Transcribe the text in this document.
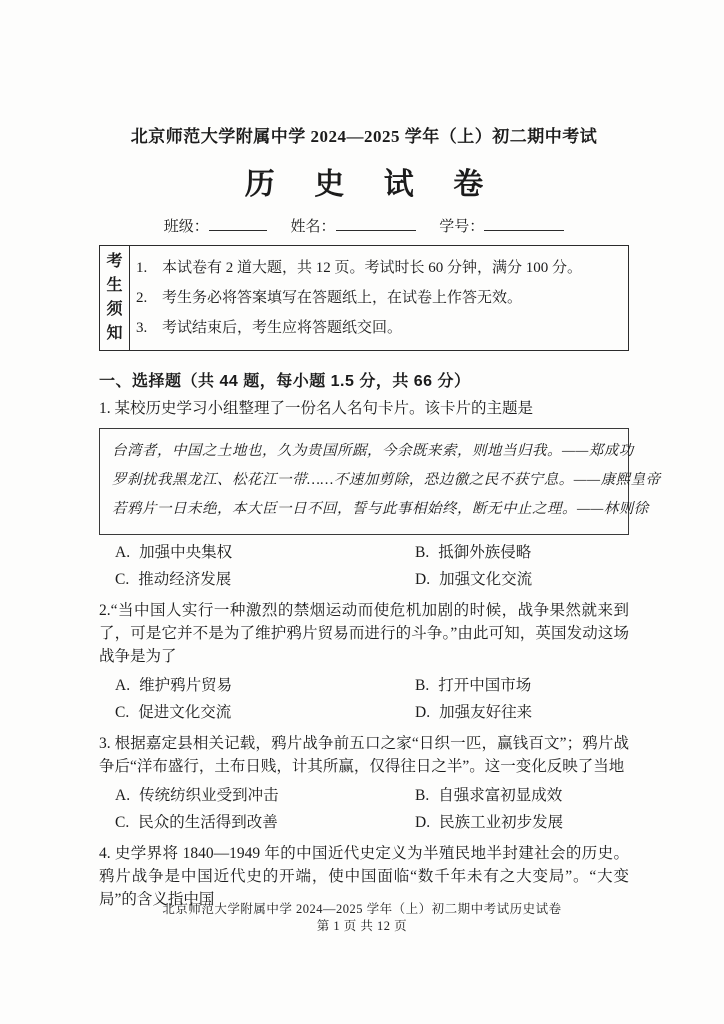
北京师范大学附属中学 2024—2025 学年（上）初二期中考试
历 史 试 卷
班级：	姓名：	学号：
考生须知
1. 本试卷有 2 道大题，共 12 页。考试时长 60 分钟，满分 100 分。
2. 考生务必将答案填写在答题纸上，在试卷上作答无效。
3. 考试结束后，考生应将答题纸交回。
一、选择题（共 44 题，每小题 1.5 分，共 66 分）
1. 某校历史学习小组整理了一份名人名句卡片。该卡片的主题是
台湾者，中国之土地也，久为贵国所踞，今余既来索，则地当归我。——郑成功
罗刹扰我黑龙江、松花江一带……不速加剪除，恐边徼之民不获宁息。——康熙皇帝
若鸦片一日未绝，本大臣一日不回，誓与此事相始终，断无中止之理。——林则徐
A. 加强中央集权	B. 抵御外族侵略
C. 推动经济发展	D. 加强文化交流
2.“当中国人实行一种激烈的禁烟运动而使危机加剧的时候，战争果然就来到了，可是它并不是为了维护鸦片贸易而进行的斗争。”由此可知，英国发动这场战争是为了
A. 维护鸦片贸易	B. 打开中国市场
C. 促进文化交流	D. 加强友好往来
3. 根据嘉定县相关记载，鸦片战争前五口之家“日织一匹，赢钱百文”；鸦片战争后“洋布盛行，土布日贱，计其所赢，仅得往日之半”。这一变化反映了当地
A. 传统纺织业受到冲击	B. 自强求富初显成效
C. 民众的生活得到改善	D. 民族工业初步发展
4. 史学界将 1840—1949 年的中国近代史定义为半殖民地半封建社会的历史。鸦片战争是中国近代史的开端，使中国面临“数千年未有之大变局”。“大变局”的含义指中国
北京师范大学附属中学 2024—2025 学年（上）初二期中考试历史试卷
第 1 页 共 12 页
